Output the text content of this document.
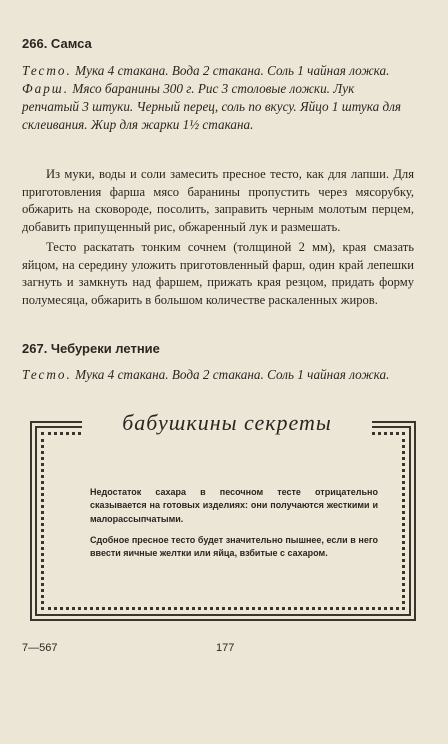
266. Самса

Тесто. Мука 4 стакана. Вода 2 стакана. Соль 1 чайная ложка.
Фарш. Мясо баранины 300 г. Рис 3 столовые ложки. Лук репчатый 3 штуки. Черный перец, соль по вкусу. Яйцо 1 штука для склеивания. Жир для жарки 1½ стакана.

Из муки, воды и соли замесить пресное тесто, как для лапши. Для приготовления фарша мясо баранины пропустить через мясорубку, обжарить на сковороде, посолить, заправить черным молотым перцем, добавить припущенный рис, обжаренный лук и размешать.

Тесто раскатать тонким сочнем (толщиной 2 мм), края смазать яйцом, на середину уложить приготовленный фарш, один край лепешки загнуть и замкнуть над фаршем, прижать края резцом, придать форму полумесяца, обжарить в большом количестве раскаленных жиров.

267. Чебуреки летние

Тесто. Мука 4 стакана. Вода 2 стакана. Соль 1 чайная ложка.

бабушкины секреты

Недостаток сахара в песочном тесте отрицательно сказывается на готовых изделиях: они получаются жесткими и малорассыпчатыми.

Сдобное пресное тесто будет значительно пышнее, если в него ввести яичные желтки или яйца, взбитые с сахаром.

7—567	177
